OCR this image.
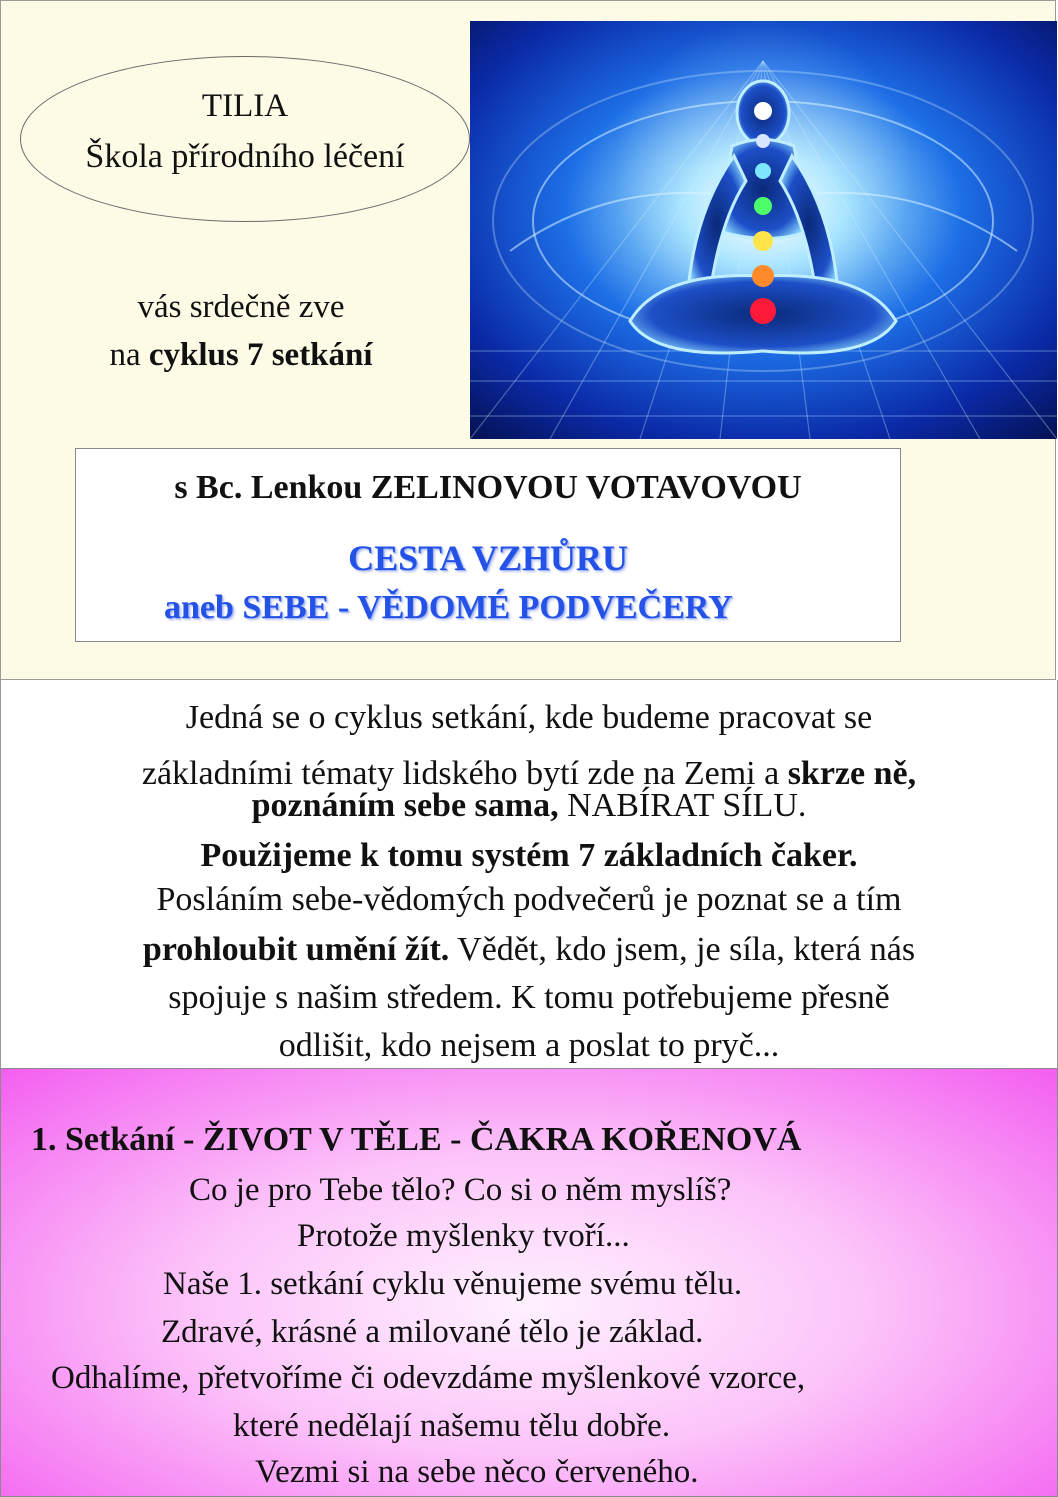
TILIA
Škola přírodního léčení
vás srdečně zve
na cyklus 7 setkání
s Bc. Lenkou ZELINOVOU VOTAVOVOU
CESTA VZHŮRU
aneb SEBE - VĚDOMÉ PODVEČERY
Jedná se o cyklus setkání, kde budeme pracovat se
základními tématy lidského bytí zde na Zemi a skrze ně,
poznáním sebe sama, NABÍRAT SÍLU.
Použijeme k tomu systém 7 základních čaker.
Posláním sebe-vědomých podvečerů je poznat se a tím
prohloubit umění žít. Vědět, kdo jsem, je síla, která nás
spojuje s našim středem. K tomu potřebujeme přesně
odlišit, kdo nejsem a poslat to pryč...
1. Setkání - ŽIVOT V TĚLE - ČAKRA KOŘENOVÁ
Co je pro Tebe tělo? Co si o něm myslíš?
Protože myšlenky tvoří...
Naše 1. setkání cyklu věnujeme svému tělu.
Zdravé, krásné a milované tělo je základ.
Odhalíme, přetvoříme či odevzdáme myšlenkové vzorce,
které nedělají našemu tělu dobře.
Vezmi si na sebe něco červeného.
